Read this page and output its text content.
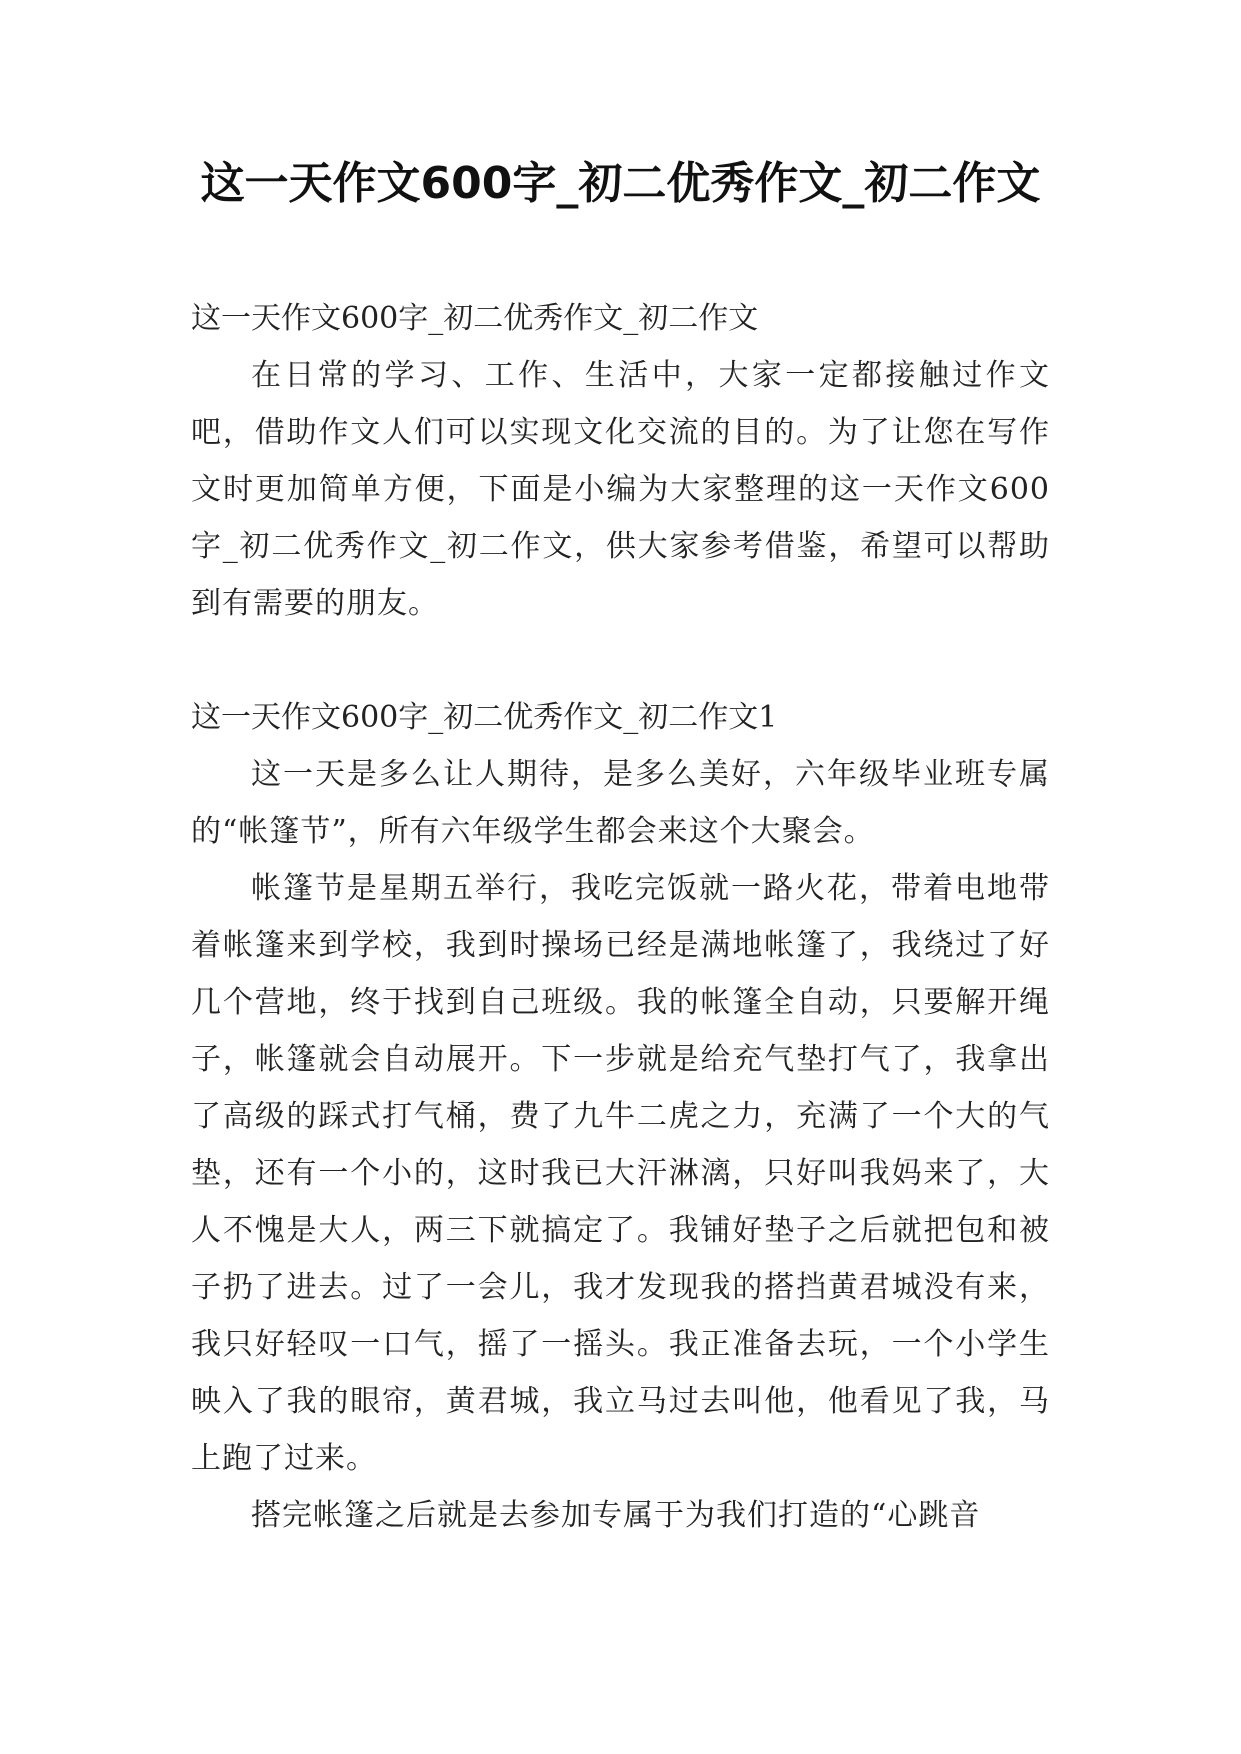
这一天作文600字_初二优秀作文_初二作文

这一天作文600字_初二优秀作文_初二作文

在日常的学习、工作、生活中，大家一定都接触过作文吧，借助作文人们可以实现文化交流的目的。为了让您在写作文时更加简单方便，下面是小编为大家整理的这一天作文600字_初二优秀作文_初二作文，供大家参考借鉴，希望可以帮助到有需要的朋友。

这一天作文600字_初二优秀作文_初二作文1

这一天是多么让人期待，是多么美好，六年级毕业班专属的“帐篷节”，所有六年级学生都会来这个大聚会。

帐篷节是星期五举行，我吃完饭就一路火花，带着电地带着帐篷来到学校，我到时操场已经是满地帐篷了，我绕过了好几个营地，终于找到自己班级。我的帐篷全自动，只要解开绳子，帐篷就会自动展开。下一步就是给充气垫打气了，我拿出了高级的踩式打气桶，费了九牛二虎之力，充满了一个大的气垫，还有一个小的，这时我已大汗淋漓，只好叫我妈来了，大人不愧是大人，两三下就搞定了。我铺好垫子之后就把包和被子扔了进去。过了一会儿，我才发现我的搭挡黄君城没有来，我只好轻叹一口气，摇了一摇头。我正准备去玩，一个小学生映入了我的眼帘，黄君城，我立马过去叫他，他看见了我，马上跑了过来。

搭完帐篷之后就是去参加专属于为我们打造的“心跳音
